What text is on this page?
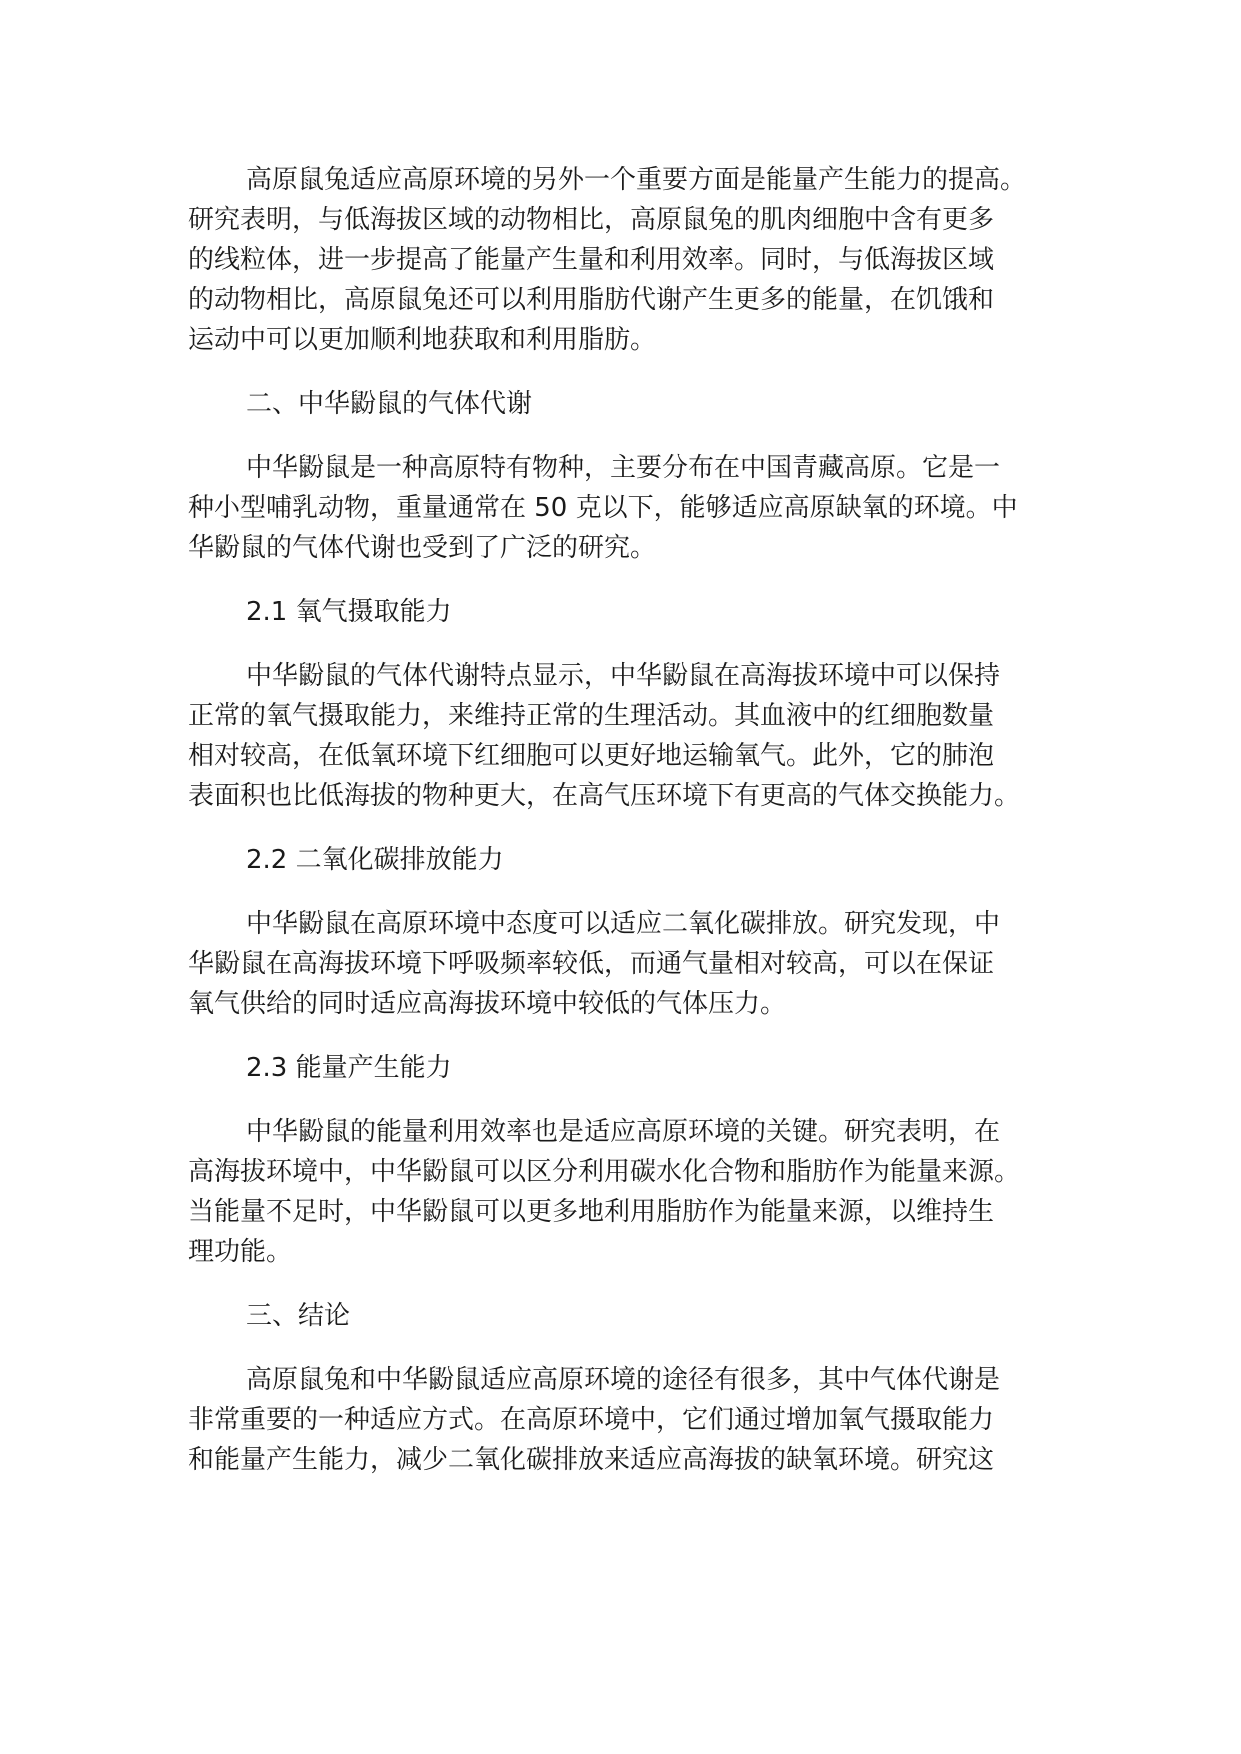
高原鼠兔适应高原环境的另外一个重要方面是能量产生能力的提高。
研究表明，与低海拔区域的动物相比，高原鼠兔的肌肉细胞中含有更多
的线粒体，进一步提高了能量产生量和利用效率。同时，与低海拔区域
的动物相比，高原鼠兔还可以利用脂肪代谢产生更多的能量，在饥饿和
运动中可以更加顺利地获取和利用脂肪。
二、中华鼢鼠的气体代谢
中华鼢鼠是一种高原特有物种，主要分布在中国青藏高原。它是一
种小型哺乳动物，重量通常在 50 克以下，能够适应高原缺氧的环境。中
华鼢鼠的气体代谢也受到了广泛的研究。
2.1 氧气摄取能力
中华鼢鼠的气体代谢特点显示，中华鼢鼠在高海拔环境中可以保持
正常的氧气摄取能力，来维持正常的生理活动。其血液中的红细胞数量
相对较高，在低氧环境下红细胞可以更好地运输氧气。此外，它的肺泡
表面积也比低海拔的物种更大，在高气压环境下有更高的气体交换能力。
2.2 二氧化碳排放能力
中华鼢鼠在高原环境中态度可以适应二氧化碳排放。研究发现，中
华鼢鼠在高海拔环境下呼吸频率较低，而通气量相对较高，可以在保证
氧气供给的同时适应高海拔环境中较低的气体压力。
2.3 能量产生能力
中华鼢鼠的能量利用效率也是适应高原环境的关键。研究表明，在
高海拔环境中，中华鼢鼠可以区分利用碳水化合物和脂肪作为能量来源。
当能量不足时，中华鼢鼠可以更多地利用脂肪作为能量来源，以维持生
理功能。
三、结论
高原鼠兔和中华鼢鼠适应高原环境的途径有很多，其中气体代谢是
非常重要的一种适应方式。在高原环境中，它们通过增加氧气摄取能力
和能量产生能力，减少二氧化碳排放来适应高海拔的缺氧环境。研究这
